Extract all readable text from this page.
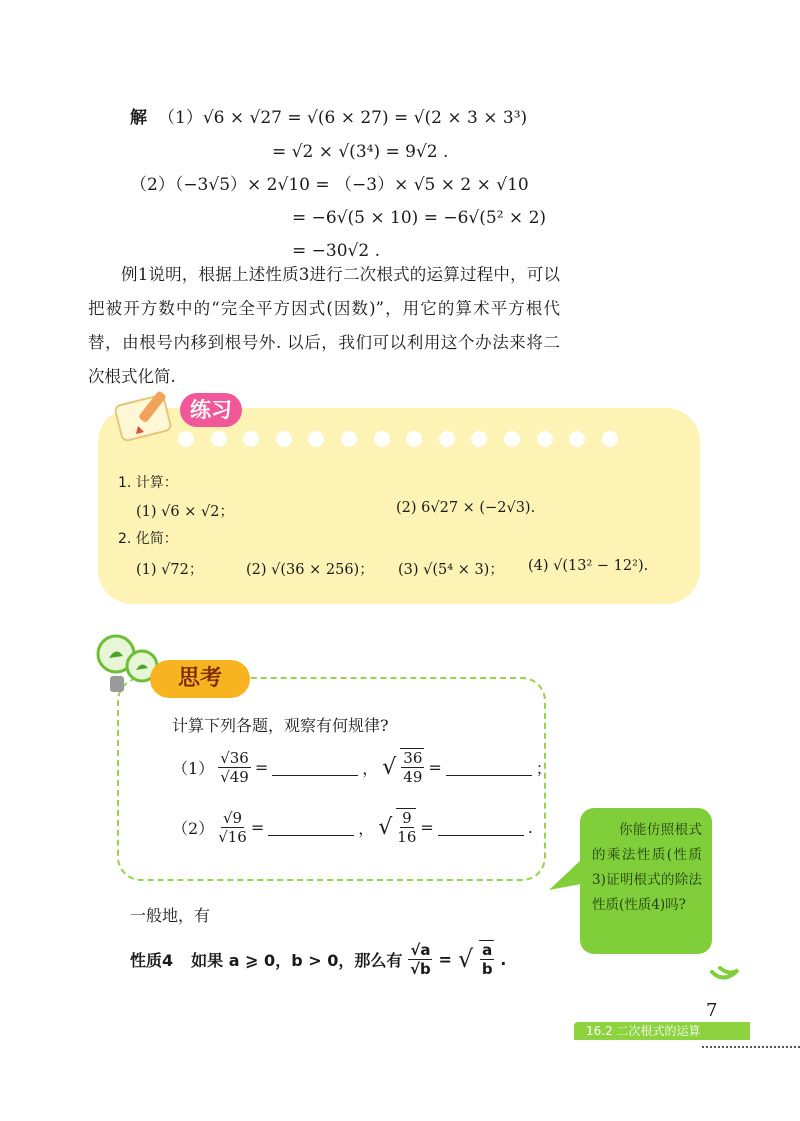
解 （1）√6 × √27 = √(6 × 27) = √(2 × 3 × 3³)
= √2 × √(3⁴) = 9√2 .
（2）（−3√5）× 2√10 = （−3）× √5 × 2 × √10
= −6√(5 × 10) = −6√(5² × 2)
= −30√2 .
例1说明，根据上述性质3进行二次根式的运算过程中，可以把被开方数中的“完全平方因式(因数)”，用它的算术平方根代替，由根号内移到根号外. 以后，我们可以利用这个办法来将二次根式化简.
练习
1. 计算：
(1) √6 × √2；	(2) 6√27 × (−2√3).
2. 化简：
(1) √72；	(2) √(36 × 256)； (3) √(5⁴ × 3)； (4) √(13² − 12²).
思考
计算下列各题，观察有何规律?
$(1) \frac{√36}{√49}$ =	， √ $\frac{36}{49}$ =	；
$(2) \frac{√9}{√16}$ =	， √ $\frac{9}{16}$ =	.	你能仿照根式的乘法性质(性质3)证明根式的除法性质(性质4)吗?
一般地，有
性质4 如果 a ⩾ 0，b > 0，那么有 $\frac{√a}{√b}$ = √ $\frac{a}{b}$ .
7
16.2 二次根式的运算
